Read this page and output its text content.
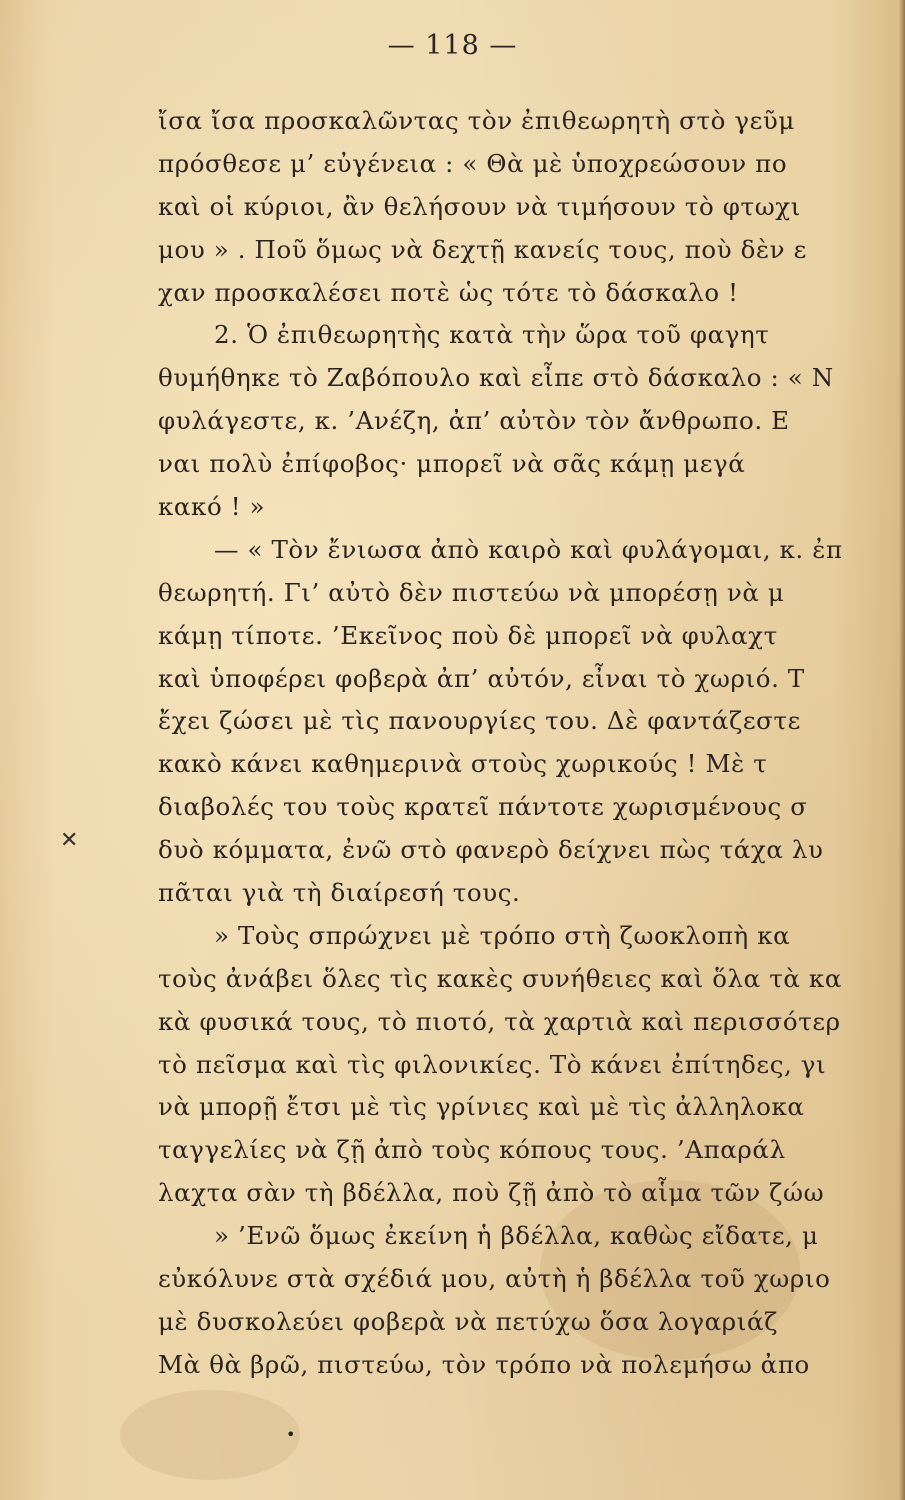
— 118 —
ἴσα ἴσα προσκαλῶντας τὸν ἐπιθεωρητὴ στὸ γεῦμ
πρόσθεσε μ’ εὐγένεια : « Θὰ μὲ ὑποχρεώσουν πο
καὶ οἱ κύριοι, ἂν θελήσουν νὰ τιμήσουν τὸ φτωχι
μου » . Ποῦ ὅμως νὰ δεχτῇ κανείς τους, ποὺ δὲν ε
χαν προσκαλέσει ποτὲ ὡς τότε τὸ δάσκαλο !
2. Ὁ ἐπιθεωρητὴς κατὰ τὴν ὥρα τοῦ φαγητ
θυμήθηκε τὸ Ζαβόπουλο καὶ εἶπε στὸ δάσκαλο : « Ν
φυλάγεστε, κ. ’Ανέζη, ἀπ’ αὐτὸν τὸν ἄνθρωπο. Ε
ναι πολὺ ἐπίφοβος· μπορεῖ νὰ σᾶς κάμῃ μεγά
κακό ! »
— « Τὸν ἔνιωσα ἀπὸ καιρὸ καὶ φυλάγομαι, κ. ἐπ
θεωρητή. Γι’ αὐτὸ δὲν πιστεύω νὰ μπορέσῃ νὰ μ
κάμῃ τίποτε. ’Εκεῖνος ποὺ δὲ μπορεῖ νὰ φυλαχτ
καὶ ὑποφέρει φοβερὰ ἀπ’ αὐτόν, εἶναι τὸ χωριό. Τ
ἔχει ζώσει μὲ τὶς πανουργίες του. Δὲ φαντάζεστε
κακὸ κάνει καθημερινὰ στοὺς χωρικούς ! Μὲ τ
διαβολές του τοὺς κρατεῖ πάντοτε χωρισμένους σ
δυὸ κόμματα, ἐνῶ στὸ φανερὸ δείχνει πὼς τάχα λυ
πᾶται γιὰ τὴ διαίρεσή τους.
» Τοὺς σπρώχνει μὲ τρόπο στὴ ζωοκλοπὴ κα
τοὺς ἀνάβει ὅλες τὶς κακὲς συνήθειες καὶ ὅλα τὰ κα
κὰ φυσικά τους, τὸ πιοτό, τὰ χαρτιὰ καὶ περισσότερ
τὸ πεῖσμα καὶ τὶς φιλονικίες. Τὸ κάνει ἐπίτηδες, γι
νὰ μπορῇ ἔτσι μὲ τὶς γρίνιες καὶ μὲ τὶς ἀλληλοκα
ταγγελίες νὰ ζῇ ἀπὸ τοὺς κόπους τους. ’Απαράλ
λαχτα σὰν τὴ βδέλλα, ποὺ ζῇ ἀπὸ τὸ αἷμα τῶν ζώω
» ’Ενῶ ὅμως ἐκείνη ἡ βδέλλα, καθὼς εἴδατε, μ
εὐκόλυνε στὰ σχέδιά μου, αὐτὴ ἡ βδέλλα τοῦ χωριο
μὲ δυσκολεύει φοβερὰ νὰ πετύχω ὅσα λογαριάζ
Μὰ θὰ βρῶ, πιστεύω, τὸν τρόπο νὰ πολεμήσω ἀπο
✕
•
